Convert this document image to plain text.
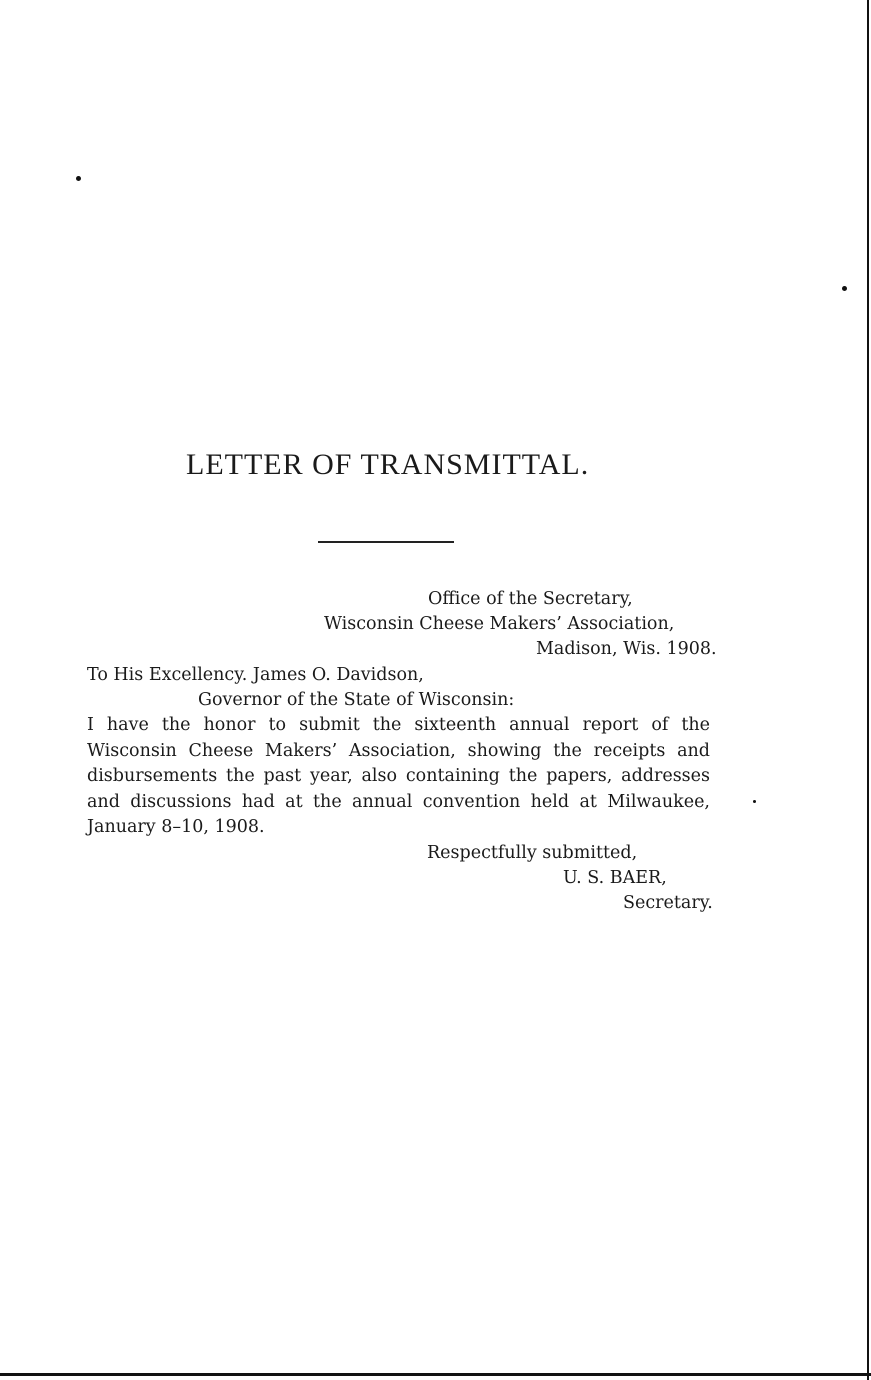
LETTER OF TRANSMITTAL.
Office of the Secretary,
Wisconsin Cheese Makers’ Association,
Madison, Wis. 1908.
To His Excellency. James O. Davidson,
Governor of the State of Wisconsin:
I have the honor to submit the sixteenth annual report of the Wisconsin Cheese Makers’ Association, showing the receipts and disbursements the past year, also containing the papers, addresses and discussions had at the annual convention held at Milwaukee, January 8–10, 1908.
Respectfully submitted,
U. S. BAER,
Secretary.
